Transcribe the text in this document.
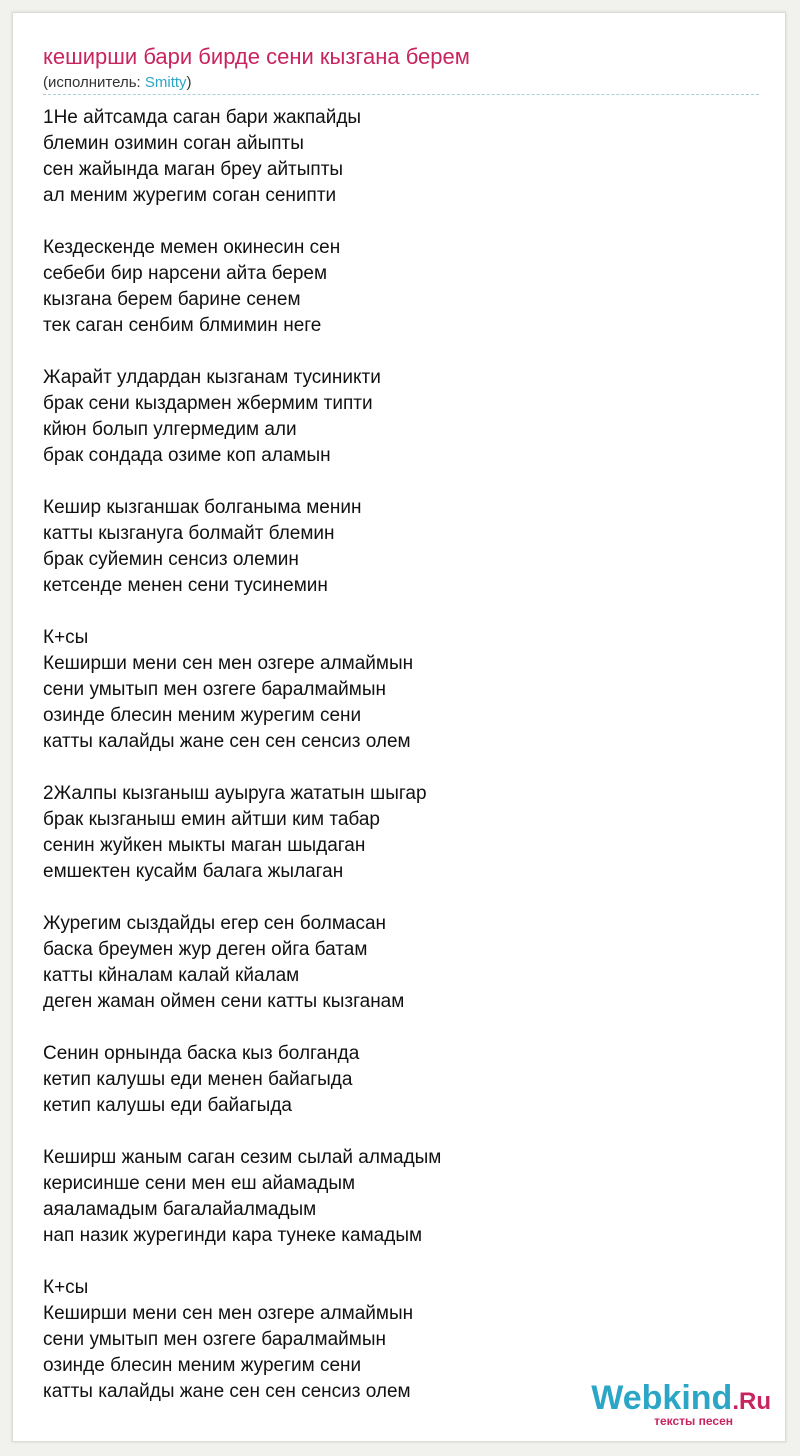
кеширши бари бирде сени кызгана берем
(исполнитель: Smitty)
1Не айтсамда саган бари жакпайды
блемин озимин соган айыпты
сен жайында маган бреу айтыпты
ал меним журегим соган сенипти
Кездескенде мемен окинесин сен
себеби бир нарсени айта берем
кызгана берем барине сенем
тек саган сенбим блмимин неге
Жарайт улдардан кызганам тусиникти
брак сени кыздармен жбермим типти
кйюн болып улгермедим али
брак сондада озиме коп аламын
Кешир кызганшак болганыма менин
катты кызгануга болмайт блемин
брак суйемин сенсиз олемин
кетсенде менен сени тусинемин
К+сы
Кеширши мени сен мен озгере алмаймын
сени умытып мен озгеге баралмаймын
озинде блесин меним журегим сени
катты калайды жане сен сен сенсиз олем
2Жалпы кызганыш ауыруга жататын шыгар
брак кызганыш емин айтши ким табар
сенин жуйкен мыкты маган шыдаган
емшектен кусайм балага жылаган
Журегим сыздайды егер сен болмасан
баска бреумен жур деген ойга батам
катты кйналам калай кйалам
деген жаман оймен сени катты кызганам
Сенин орнында баска кыз болганда
кетип калушы еди менен байагыда
кетип калушы еди байагыда
Кеширш жаным саган сезим сылай алмадым
керисинше сени мен еш айамадым
аяаламадым багалайалмадым
нап назик журегинди кара тунеке камадым
К+сы
Кеширши мени сен мен озгере алмаймын
сени умытып мен озгеге баралмаймын
озинде блесин меним журегим сени
катты калайды жане сен сен сенсиз олем	Webkind.Ru
тексты песен
